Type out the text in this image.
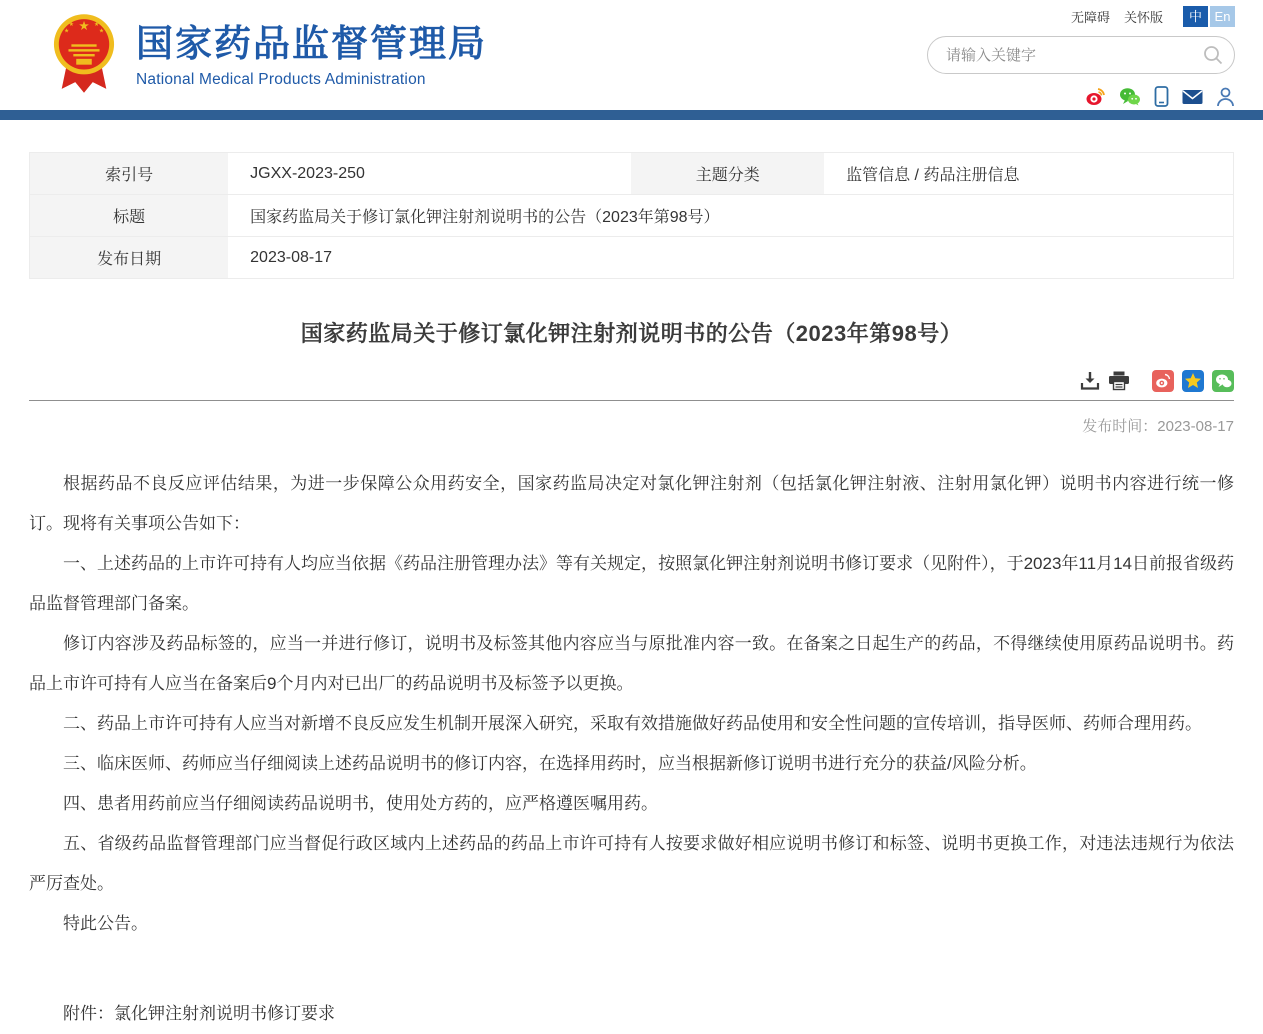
★
★	★
★	★ 国家药品监督管理局
National Medical Products Administration
无障碍 关怀版	中 En
请输入关键字
索引号	JGXX-2023-250	主题分类	监管信息 / 药品注册信息
标题	国家药监局关于修订氯化钾注射剂说明书的公告（2023年第98号）		
发布日期	2023-08-17		
国家药监局关于修订氯化钾注射剂说明书的公告（2023年第98号）
发布时间：2023-08-17

根据药品不良反应评估结果，为进一步保障公众用药安全，国家药监局决定对氯化钾注射剂（包括氯化钾注射液、注射用氯化钾）说明书内容进行统一修订。现将有关事项公告如下：

一、上述药品的上市许可持有人均应当依据《药品注册管理办法》等有关规定，按照氯化钾注射剂说明书修订要求（见附件），于2023年11月14日前报省级药品监督管理部门备案。

修订内容涉及药品标签的，应当一并进行修订，说明书及标签其他内容应当与原批准内容一致。在备案之日起生产的药品，不得继续使用原药品说明书。药品上市许可持有人应当在备案后9个月内对已出厂的药品说明书及标签予以更换。

二、药品上市许可持有人应当对新增不良反应发生机制开展深入研究，采取有效措施做好药品使用和安全性问题的宣传培训，指导医师、药师合理用药。

三、临床医师、药师应当仔细阅读上述药品说明书的修订内容，在选择用药时，应当根据新修订说明书进行充分的获益/风险分析。

四、患者用药前应当仔细阅读药品说明书，使用处方药的，应严格遵医嘱用药。

五、省级药品监督管理部门应当督促行政区域内上述药品的药品上市许可持有人按要求做好相应说明书修订和标签、说明书更换工作，对违法违规行为依法严厉查处。

特此公告。

附件：氯化钾注射剂说明书修订要求
